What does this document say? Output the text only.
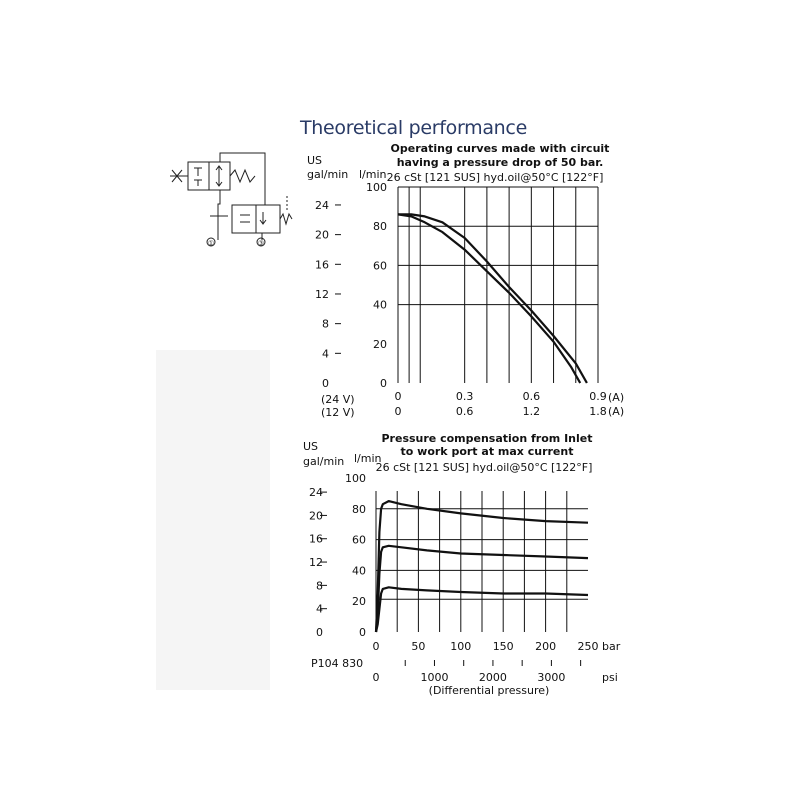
Theoretical performance
①	③
0
20
40
60
80
100
0
4
8
12
16
20
24
0	0.3	0.6	0.9
0	0.6	1.2	1.8
Operating curves made with circuit
having a pressure drop of 50 bar.
26 cSt [121 SUS] hyd.oil@50°C [122°F]
US
gal/min l/min
(24 V)
(12 V)
(A)
(A)
0
20
40
60
80
100
0
4
8
12
16
20
24
0	50 100 150 200 250
0	1000	2000	3000
Pressure compensation from Inlet
to work port at max current
26 cSt [121 SUS] hyd.oil@50°C [122°F]
US
gal/min l/min
bar
psi
P104 830
(Differential pressure)
